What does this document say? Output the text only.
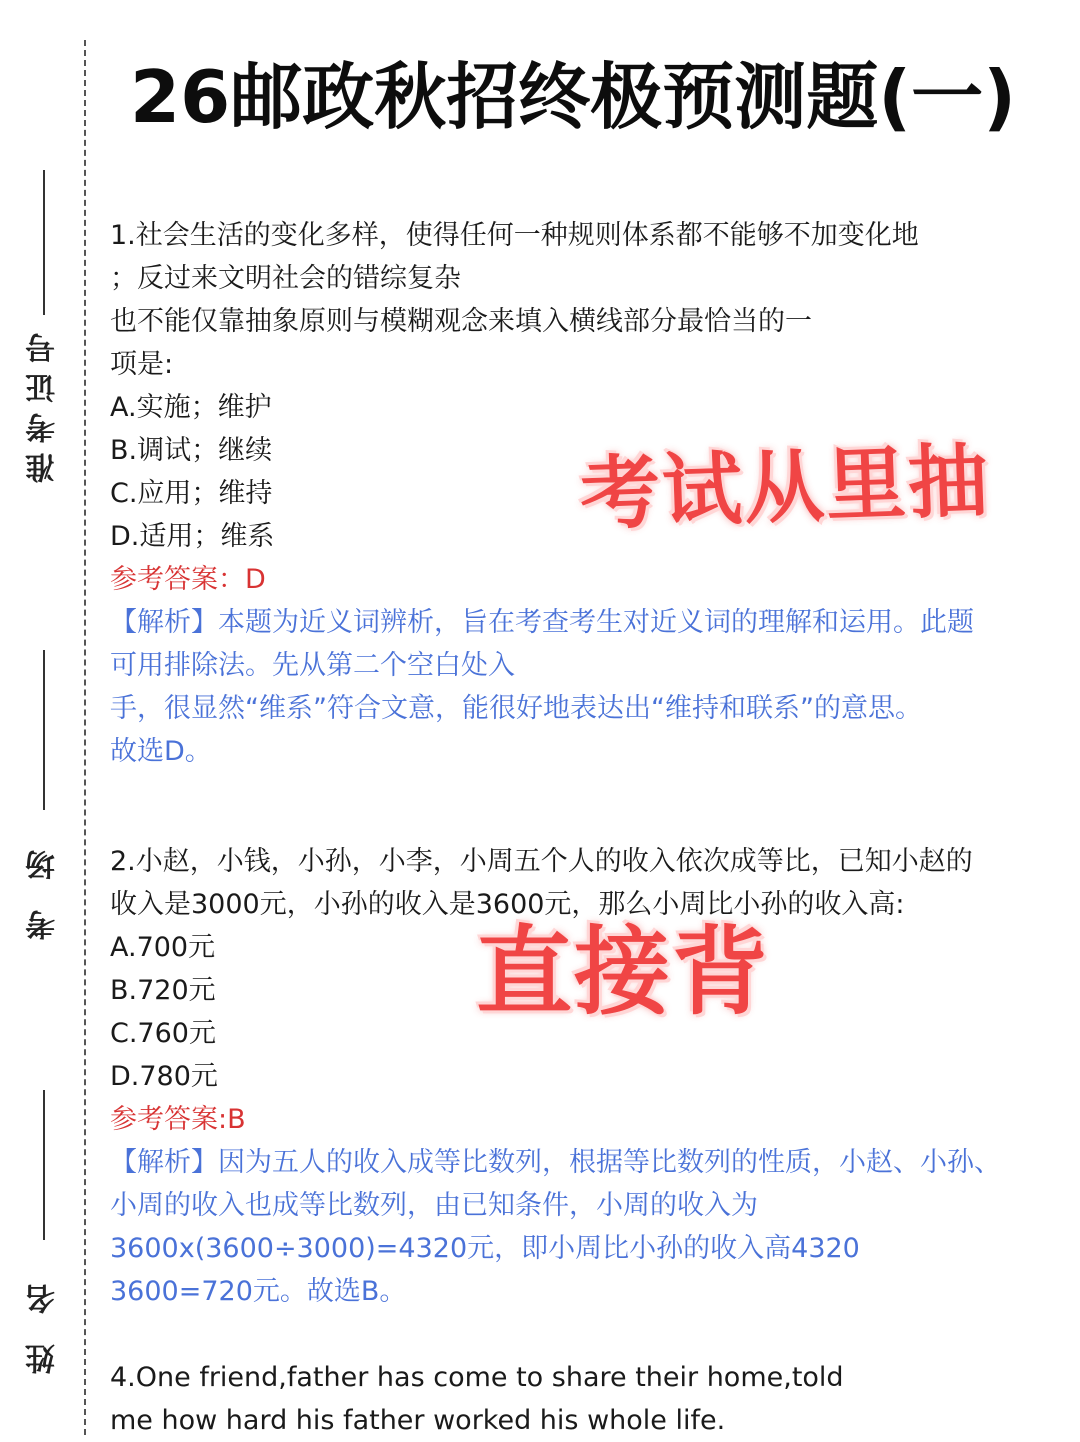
准考证号
考场
姓名
26邮政秋招终极预测题(一)
1.社会生活的变化多样，使得任何一种规则体系都不能够不加变化地
；反过来文明社会的错综复杂
也不能仅靠抽象原则与模糊观念来填入横线部分最恰当的一
项是:
A.实施；维护
B.调试；继续
C.应用；维持
D.适用；维系
参考答案：D
【解析】本题为近义词辨析，旨在考查考生对近义词的理解和运用。此题
可用排除法。先从第二个空白处入
手，很显然“维系”符合文意，能很好地表达出“维持和联系”的意思。
故选D。
2.小赵，小钱，小孙，小李，小周五个人的收入依次成等比，已知小赵的
收入是3000元，小孙的收入是3600元，那么小周比小孙的收入高:
A.700元
B.720元
C.760元
D.780元
参考答案:B
【解析】因为五人的收入成等比数列，根据等比数列的性质，小赵、小孙、
小周的收入也成等比数列，由已知条件，小周的收入为
3600x(3600÷3000)=4320元，即小周比小孙的收入高4320
3600=720元。故选B。
4.One friend,father has come to share their home,told
me how hard his father worked his whole life.
考试从里抽
直接背
